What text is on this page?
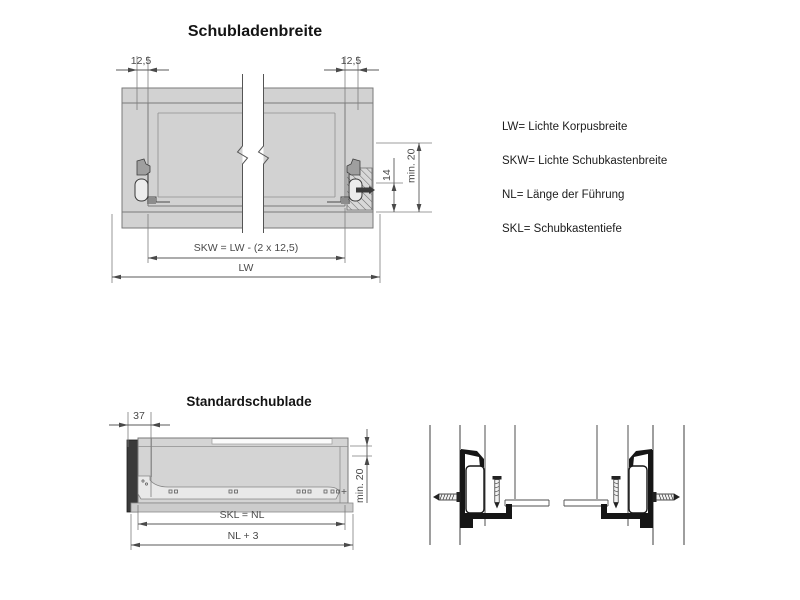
Schubladenbreite
12,5	12,5
14 min. 20
SKW = LW - (2 x 12,5)
LW
LW= Lichte Korpusbreite
SKW= Lichte Schubkastenbreite
NL= Länge der Führung
SKL= Schubkastentiefe
Standardschublade
37
min. 20
SKL = NL
NL + 3
